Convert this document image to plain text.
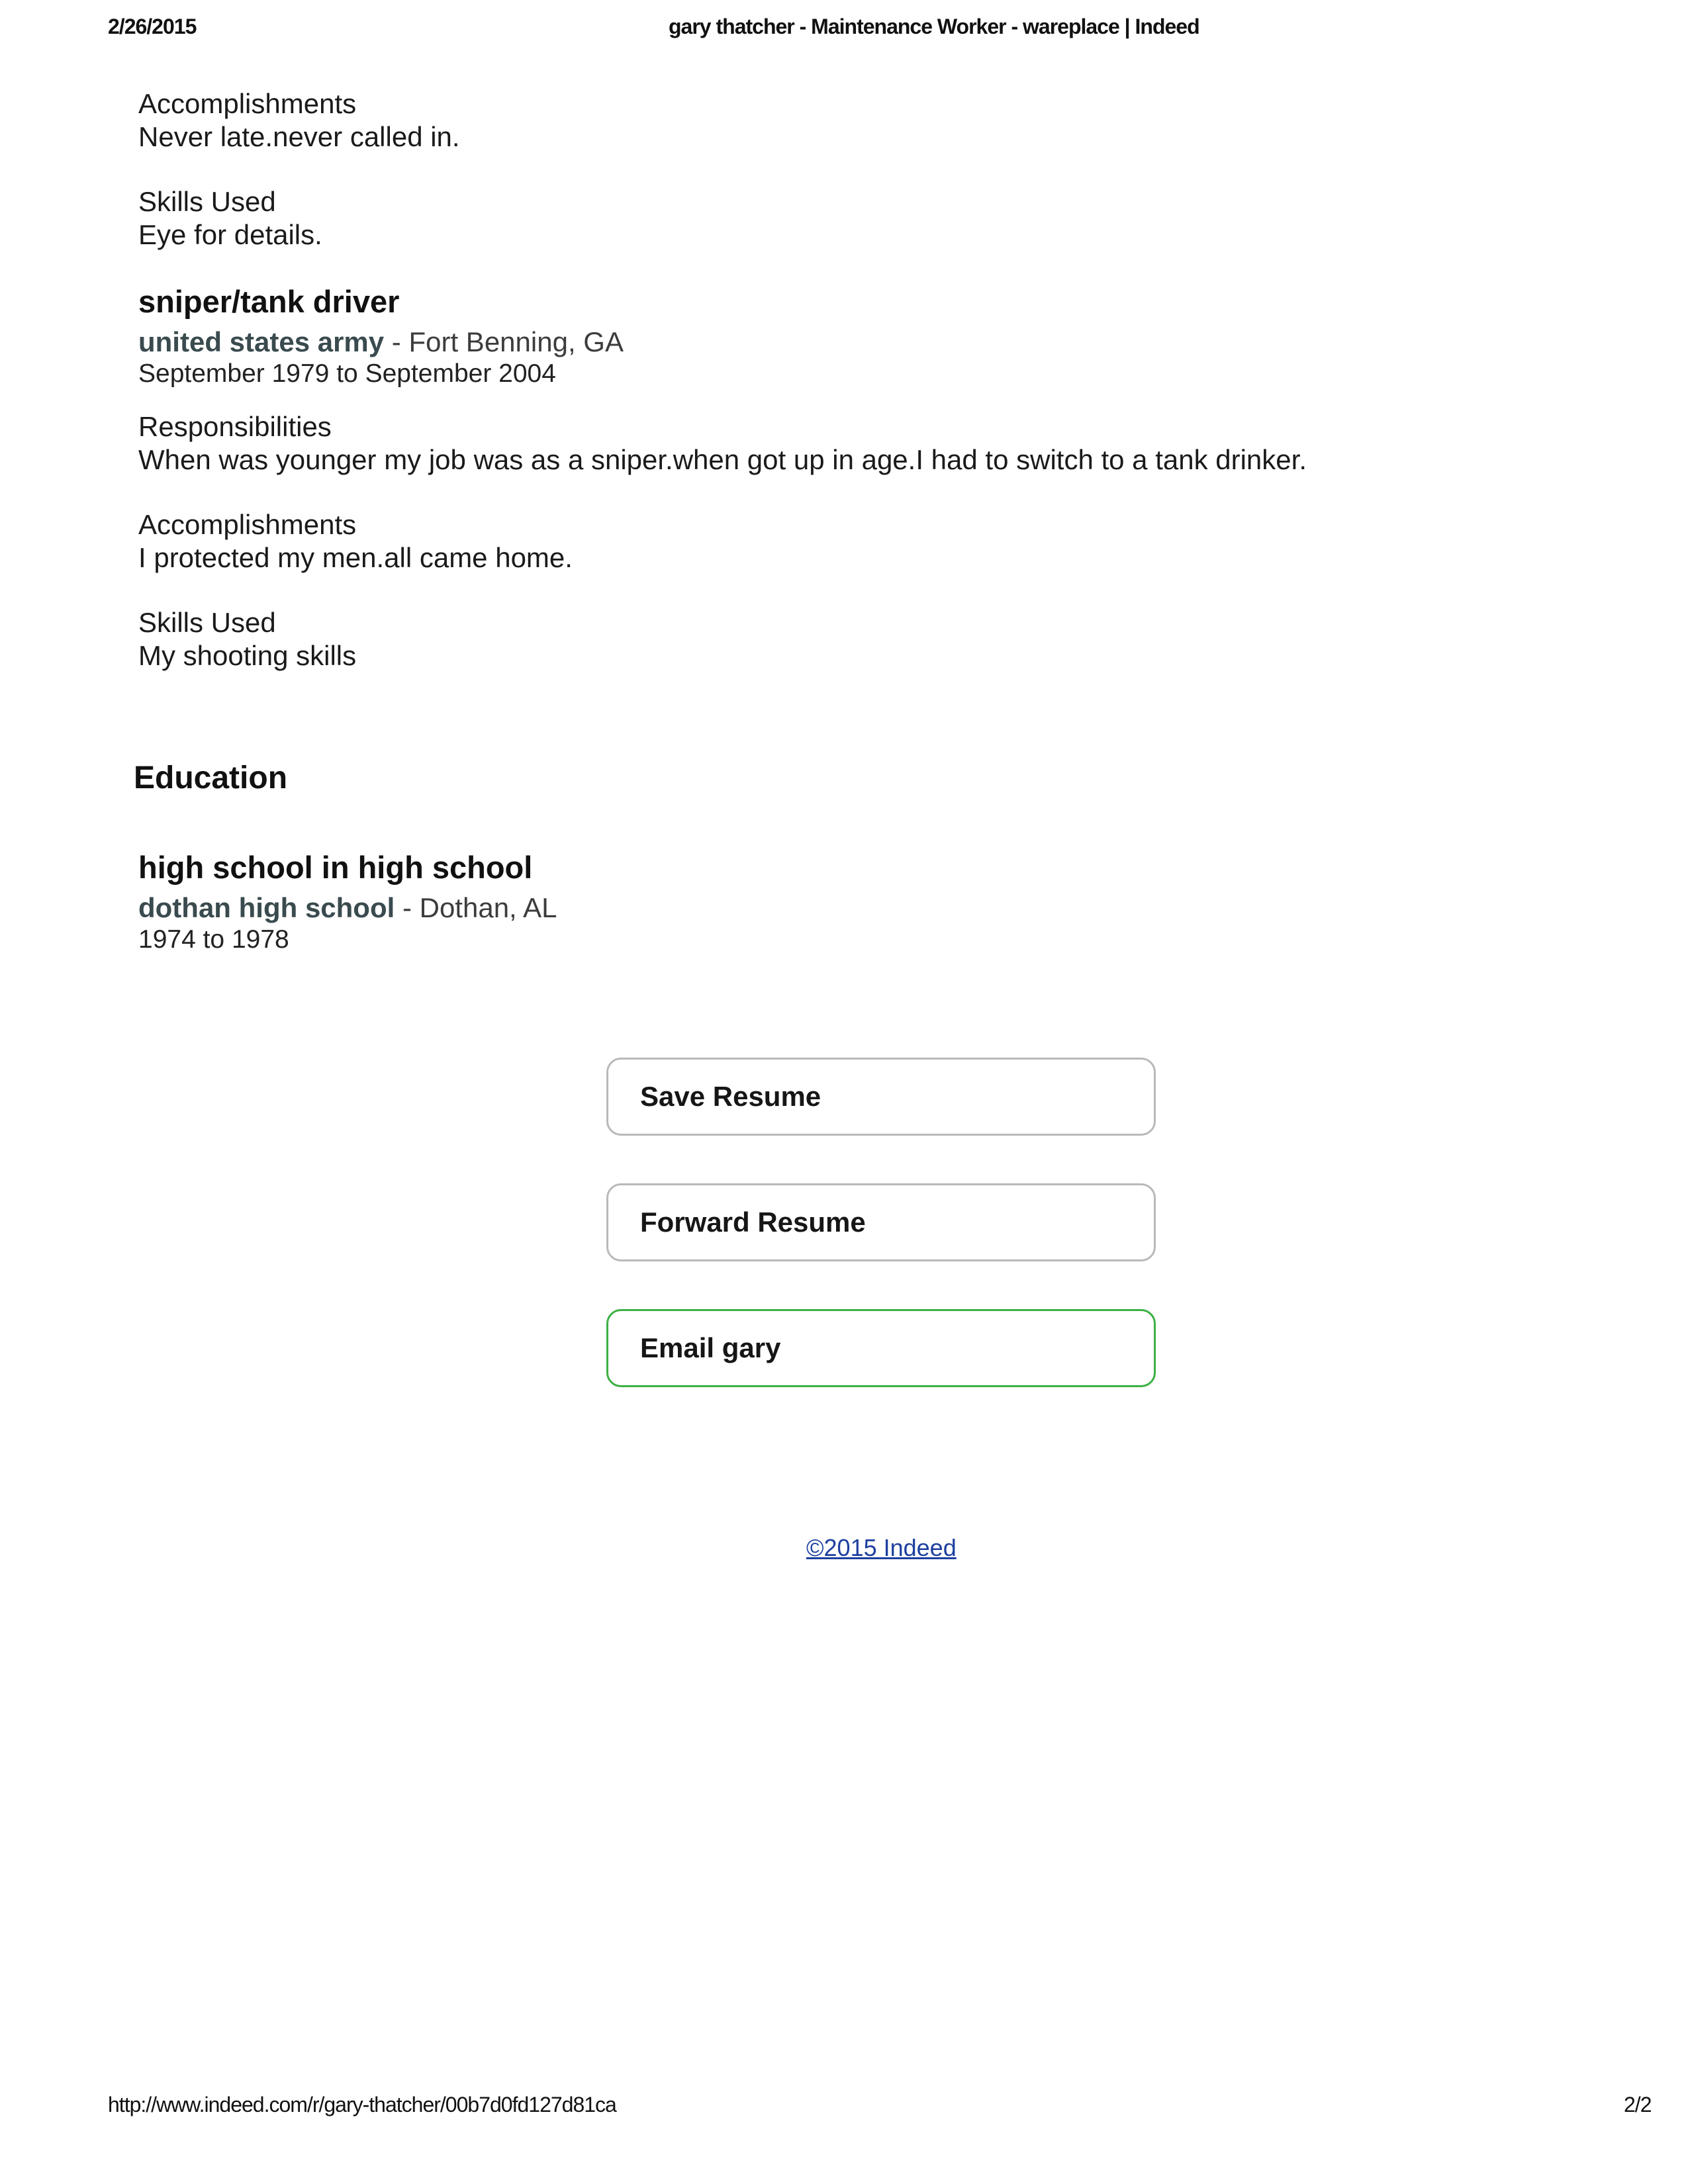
2/26/2015	gary thatcher - Maintenance Worker - wareplace | Indeed
Accomplishments
Never late.never called in.
Skills Used
Eye for details.
sniper/tank driver
united states army - Fort Benning, GA
September 1979 to September 2004
Responsibilities
When was younger my job was as a sniper.when got up in age.I had to switch to a tank drinker.
Accomplishments
I protected my men.all came home.
Skills Used
My shooting skills
Education
high school in high school
dothan high school - Dothan, AL
1974 to 1978
Save Resume
Forward Resume
Email gary
©2015 Indeed
http://www.indeed.com/r/gary-thatcher/00b7d0fd127d81ca	2/2
